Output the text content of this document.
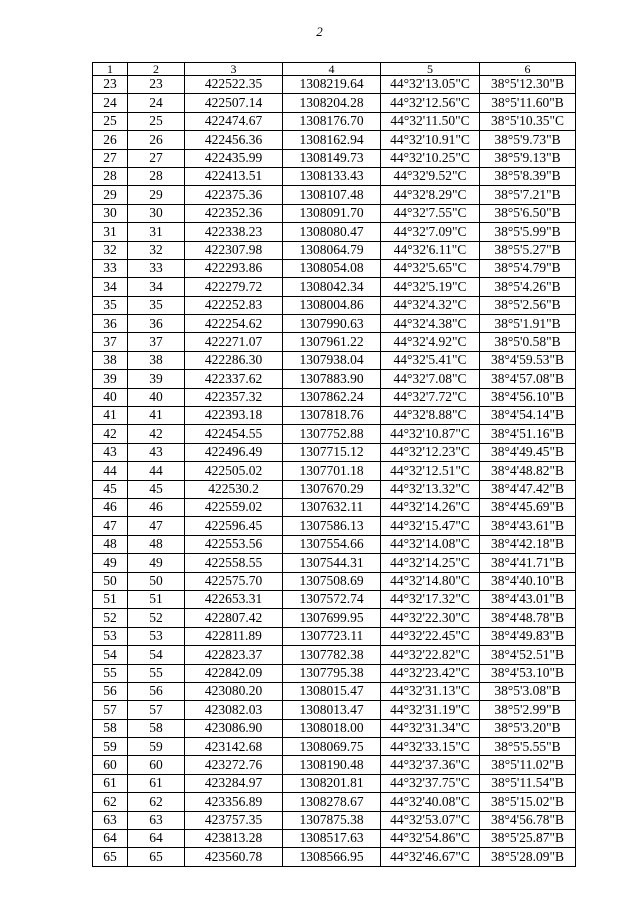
2
1	2	3	4	5	6
23	23	422522.35	1308219.64	44°32'13.05"С	38°5'12.30"В
24	24	422507.14	1308204.28	44°32'12.56"С	38°5'11.60"В
25	25	422474.67	1308176.70	44°32'11.50"С	38°5'10.35"С
26	26	422456.36	1308162.94	44°32'10.91"С	38°5'9.73"В
27	27	422435.99	1308149.73	44°32'10.25"С	38°5'9.13"В
28	28	422413.51	1308133.43	44°32'9.52"С	38°5'8.39"В
29	29	422375.36	1308107.48	44°32'8.29"С	38°5'7.21"В
30	30	422352.36	1308091.70	44°32'7.55"С	38°5'6.50"В
31	31	422338.23	1308080.47	44°32'7.09"С	38°5'5.99"В
32	32	422307.98	1308064.79	44°32'6.11"С	38°5'5.27"В
33	33	422293.86	1308054.08	44°32'5.65"С	38°5'4.79"В
34	34	422279.72	1308042.34	44°32'5.19"С	38°5'4.26"В
35	35	422252.83	1308004.86	44°32'4.32"С	38°5'2.56"В
36	36	422254.62	1307990.63	44°32'4.38"С	38°5'1.91"В
37	37	422271.07	1307961.22	44°32'4.92"С	38°5'0.58"В
38	38	422286.30	1307938.04	44°32'5.41"С	38°4'59.53"В
39	39	422337.62	1307883.90	44°32'7.08"С	38°4'57.08"В
40	40	422357.32	1307862.24	44°32'7.72"С	38°4'56.10"В
41	41	422393.18	1307818.76	44°32'8.88"С	38°4'54.14"В
42	42	422454.55	1307752.88	44°32'10.87"С	38°4'51.16"В
43	43	422496.49	1307715.12	44°32'12.23"С	38°4'49.45"В
44	44	422505.02	1307701.18	44°32'12.51"С	38°4'48.82"В
45	45	422530.2	1307670.29	44°32'13.32"С	38°4'47.42"В
46	46	422559.02	1307632.11	44°32'14.26"С	38°4'45.69"В
47	47	422596.45	1307586.13	44°32'15.47"С	38°4'43.61"В
48	48	422553.56	1307554.66	44°32'14.08"С	38°4'42.18"В
49	49	422558.55	1307544.31	44°32'14.25"С	38°4'41.71"В
50	50	422575.70	1307508.69	44°32'14.80"С	38°4'40.10"В
51	51	422653.31	1307572.74	44°32'17.32"С	38°4'43.01"В
52	52	422807.42	1307699.95	44°32'22.30"С	38°4'48.78"В
53	53	422811.89	1307723.11	44°32'22.45"С	38°4'49.83"В
54	54	422823.37	1307782.38	44°32'22.82"С	38°4'52.51"В
55	55	422842.09	1307795.38	44°32'23.42"С	38°4'53.10"В
56	56	423080.20	1308015.47	44°32'31.13"С	38°5'3.08"В
57	57	423082.03	1308013.47	44°32'31.19"С	38°5'2.99"В
58	58	423086.90	1308018.00	44°32'31.34"С	38°5'3.20"В
59	59	423142.68	1308069.75	44°32'33.15"С	38°5'5.55"В
60	60	423272.76	1308190.48	44°32'37.36"С	38°5'11.02"В
61	61	423284.97	1308201.81	44°32'37.75"С	38°5'11.54"В
62	62	423356.89	1308278.67	44°32'40.08"С	38°5'15.02"В
63	63	423757.35	1307875.38	44°32'53.07"С	38°4'56.78"В
64	64	423813.28	1308517.63	44°32'54.86"С	38°5'25.87"В
65	65	423560.78	1308566.95	44°32'46.67"С	38°5'28.09"В
